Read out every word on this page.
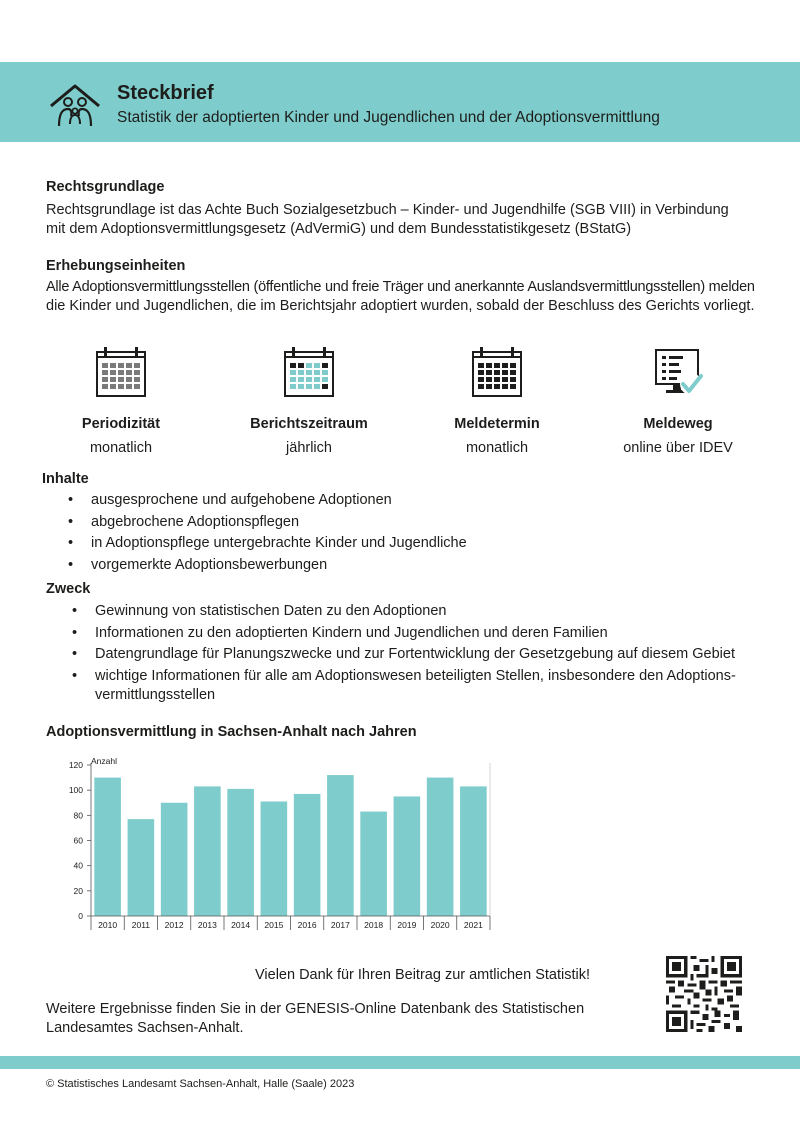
Steckbrief
Statistik der adoptierten Kinder und Jugendlichen und der Adoptionsvermittlung
Rechtsgrundlage
Rechtsgrundlage ist das Achte Buch Sozialgesetzbuch – Kinder- und Jugendhilfe (SGB VIII) in Verbindung
mit dem Adoptionsvermittlungsgesetz (AdVermiG) und dem Bundesstatistikgesetz (BStatG)
Erhebungseinheiten
Alle Adoptionsvermittlungsstellen (öffentliche und freie Träger und anerkannte Auslandsvermittlungsstellen) melden
die Kinder und Jugendlichen, die im Berichtsjahr adoptiert wurden, sobald der Beschluss des Gerichts vorliegt.
Periodizität
monatlich
Berichtszeitraum
jährlich
Meldetermin
monatlich
Meldeweg
online über IDEV
Inhalte
• ausgesprochene und aufgehobene Adoptionen
• abgebrochene Adoptionspflegen
• in Adoptionspflege untergebrachte Kinder und Jugendliche
• vorgemerkte Adoptionsbewerbungen
Zweck
• Gewinnung von statistischen Daten zu den Adoptionen
• Informationen zu den adoptierten Kindern und Jugendlichen und deren Familien
• Datengrundlage für Planungszwecke und zur Fortentwicklung der Gesetzgebung auf diesem Gebiet
• wichtige Informationen für alle am Adoptionswesen beteiligten Stellen, insbesondere den Adoptions-
vermittlungsstellen
Adoptionsvermittlung in Sachsen-Anhalt nach Jahren
Anzahl
0
20
40
60
80
100
120
2010 2011 2012 2013 2014 2015 2016 2017 2018 2019 2020 2021
Vielen Dank für Ihren Beitrag zur amtlichen Statistik!
Weitere Ergebnisse finden Sie in der GENESIS-Online Datenbank des Statistischen
Landesamtes Sachsen-Anhalt.
© Statistisches Landesamt Sachsen-Anhalt, Halle (Saale) 2023
